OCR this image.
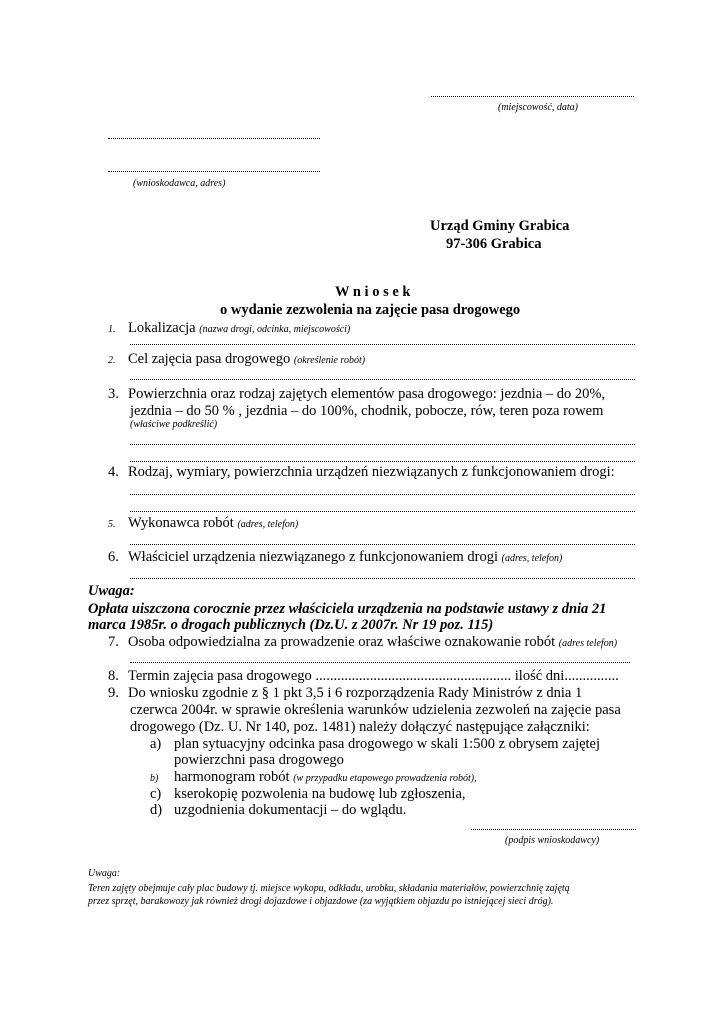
(miejscowość, data)
(wnioskodawca, adres)
Urząd Gminy Grabica
97-306 Grabica
W n i o s e k
o wydanie zezwolenia na zajęcie pasa drogowego
1. Lokalizacja (nazwa drogi, odcinka, miejscowości)
2. Cel zajęcia pasa drogowego (określenie robót)
3. Powierzchnia oraz rodzaj zajętych elementów pasa drogowego: jezdnia – do 20%,
jezdnia – do 50 % , jezdnia – do 100%, chodnik, pobocze, rów, teren poza rowem
(właściwe podkreślić)
4. Rodzaj, wymiary, powierzchnia urządzeń niezwiązanych z funkcjonowaniem drogi:
5. Wykonawca robót (adres, telefon)
6. Właściciel urządzenia niezwiązanego z funkcjonowaniem drogi (adres, telefon)
Uwaga:
Opłata uiszczona corocznie przez właściciela urządzenia na podstawie ustawy z dnia 21
marca 1985r. o drogach publicznych (Dz.U. z 2007r. Nr 19 poz. 115)
7. Osoba odpowiedzialna za prowadzenie oraz właściwe oznakowanie robót (adres telefon)
8. Termin zajęcia pasa drogowego ...................................................... ilość dni...............
9. Do wniosku zgodnie z § 1 pkt 3,5 i 6 rozporządzenia Rady Ministrów z dnia 1
czerwca 2004r. w sprawie określenia warunków udzielenia zezwoleń na zajęcie pasa
drogowego (Dz. U. Nr 140, poz. 1481) należy dołączyć następujące załączniki:
a) plan sytuacyjny odcinka pasa drogowego w skali 1:500 z obrysem zajętej
powierzchni pasa drogowego
b) harmonogram robót (w przypadku etapowego prowadzenia robót),
c) kserokopię pozwolenia na budowę lub zgłoszenia,
d) uzgodnienia dokumentacji – do wglądu.
(podpis wnioskodawcy)
Uwaga:
Teren zajęty obejmuje cały plac budowy tj. miejsce wykopu, odkładu, urobku, składania materiałów, powierzchnię zajętą
przez sprzęt, barakowozy jak również drogi dojazdowe i objazdowe (za wyjątkiem objazdu po istniejącej sieci dróg).
